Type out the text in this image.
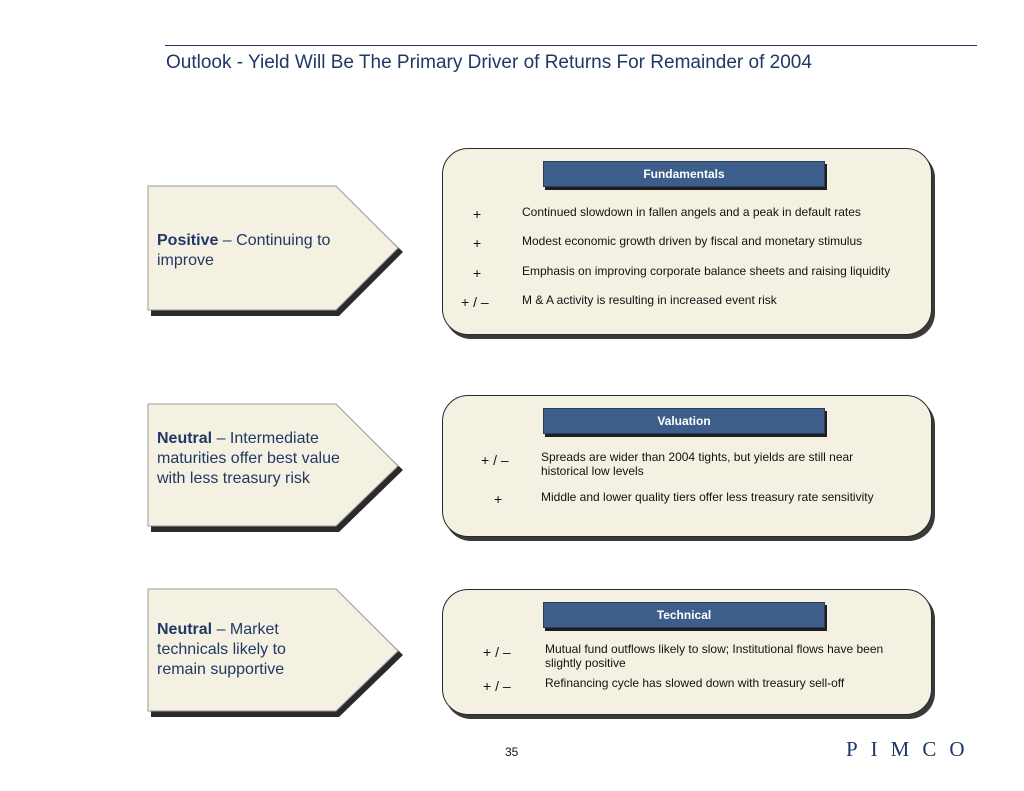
Outlook - Yield Will Be The Primary Driver of Returns For Remainder of 2004
Positive – Continuing to improve
Fundamentals
+	Continued slowdown in fallen angels and a peak in default rates
+	Modest economic growth driven by fiscal and monetary stimulus
+	Emphasis on improving corporate balance sheets and raising liquidity
+ / –	M & A activity is resulting in increased event risk
Neutral – Intermediate maturities offer best value with less treasury risk
Valuation
+ / –	Spreads are wider than 2004 tights, but yields are still near historical low levels
+	Middle and lower quality tiers offer less treasury rate sensitivity
Neutral – Market technicals likely to remain supportive
Technical
+ / –	Mutual fund outflows likely to slow; Institutional flows have been slightly positive
+ / –	Refinancing cycle has slowed down with treasury sell-off
35	PIMCO
